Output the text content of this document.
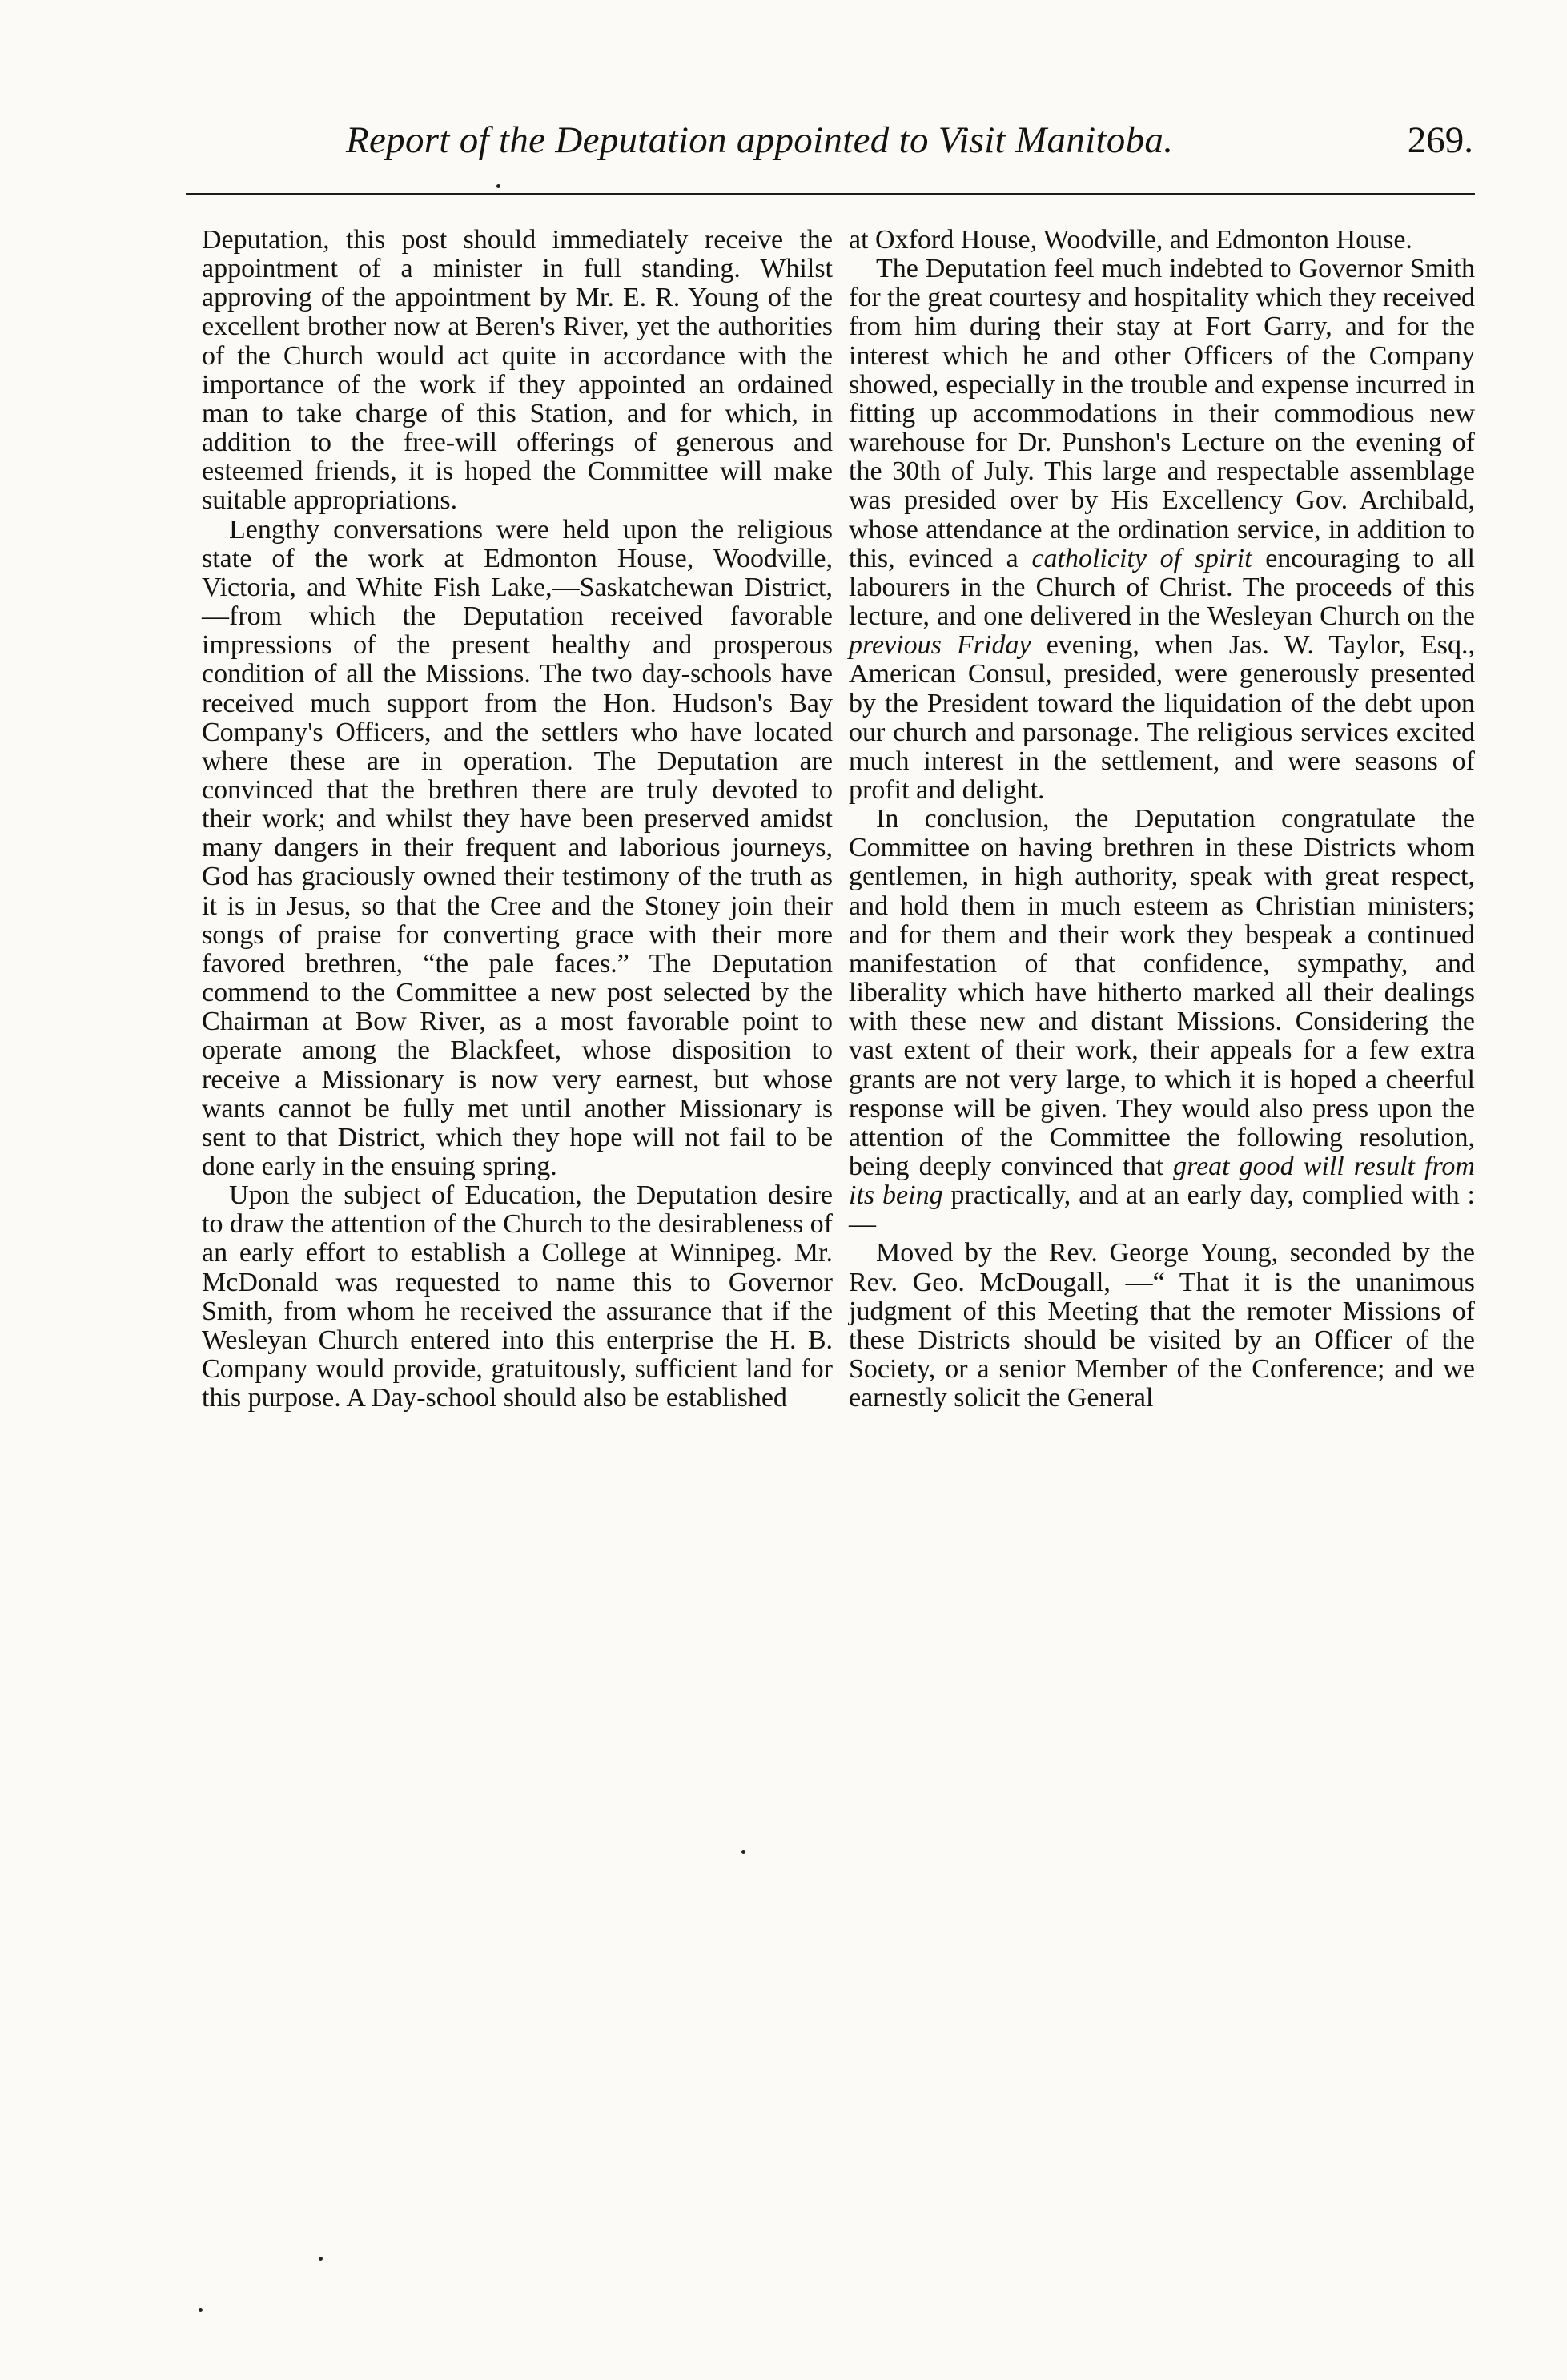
Report of the Deputation appointed to Visit Manitoba.	269.

Deputation, this post should immediately receive the appointment of a minister in full standing. Whilst approving of the appointment by Mr. E. R. Young of the excellent brother now at Beren's River, yet the authorities of the Church would act quite in accordance with the importance of the work if they appointed an ordained man to take charge of this Station, and for which, in addition to the free-will offerings of generous and esteemed friends, it is hoped the Committee will make suitable appropriations.

Lengthy conversations were held upon the religious state of the work at Edmonton House, Woodville, Victoria, and White Fish Lake,—Saskatchewan District,—from which the Deputation received favorable impressions of the present healthy and prosperous condition of all the Missions. The two day-schools have received much support from the Hon. Hudson's Bay Company's Officers, and the settlers who have located where these are in operation. The Deputation are convinced that the brethren there are truly devoted to their work; and whilst they have been preserved amidst many dangers in their frequent and laborious journeys, God has graciously owned their testimony of the truth as it is in Jesus, so that the Cree and the Stoney join their songs of praise for converting grace with their more favored brethren, “the pale faces.” The Deputation commend to the Committee a new post selected by the Chairman at Bow River, as a most favorable point to operate among the Blackfeet, whose disposition to receive a Missionary is now very earnest, but whose wants cannot be fully met until another Missionary is sent to that District, which they hope will not fail to be done early in the ensuing spring.

Upon the subject of Education, the Deputation desire to draw the attention of the Church to the desirableness of an early effort to establish a College at Winnipeg. Mr. McDonald was requested to name this to Governor Smith, from whom he received the assurance that if the Wesleyan Church entered into this enterprise the H. B. Company would provide, gratuitously, sufficient land for this purpose. A Day-school should also be established

at Oxford House, Woodville, and Edmonton House.

The Deputation feel much indebted to Governor Smith for the great courtesy and hospitality which they received from him during their stay at Fort Garry, and for the interest which he and other Officers of the Company showed, especially in the trouble and expense incurred in fitting up accommodations in their commodious new warehouse for Dr. Punshon's Lecture on the evening of the 30th of July. This large and respectable assemblage was presided over by His Excellency Gov. Archibald, whose attendance at the ordination service, in addition to this, evinced a catholicity of spirit encouraging to all labourers in the Church of Christ. The proceeds of this lecture, and one delivered in the Wesleyan Church on the previous Friday evening, when Jas. W. Taylor, Esq., American Consul, presided, were generously presented by the President toward the liquidation of the debt upon our church and parsonage. The religious services excited much interest in the settlement, and were seasons of profit and delight.

In conclusion, the Deputation congratulate the Committee on having brethren in these Districts whom gentlemen, in high authority, speak with great respect, and hold them in much esteem as Christian ministers; and for them and their work they bespeak a continued manifestation of that confidence, sympathy, and liberality which have hitherto marked all their dealings with these new and distant Missions. Considering the vast extent of their work, their appeals for a few extra grants are not very large, to which it is hoped a cheerful response will be given. They would also press upon the attention of the Committee the following resolution, being deeply convinced that great good will result from its being practically, and at an early day, complied with :—

Moved by the Rev. George Young, seconded by the Rev. Geo. McDougall, —“ That it is the unanimous judgment of this Meeting that the remoter Missions of these Districts should be visited by an Officer of the Society, or a senior Member of the Conference; and we earnestly solicit the General
